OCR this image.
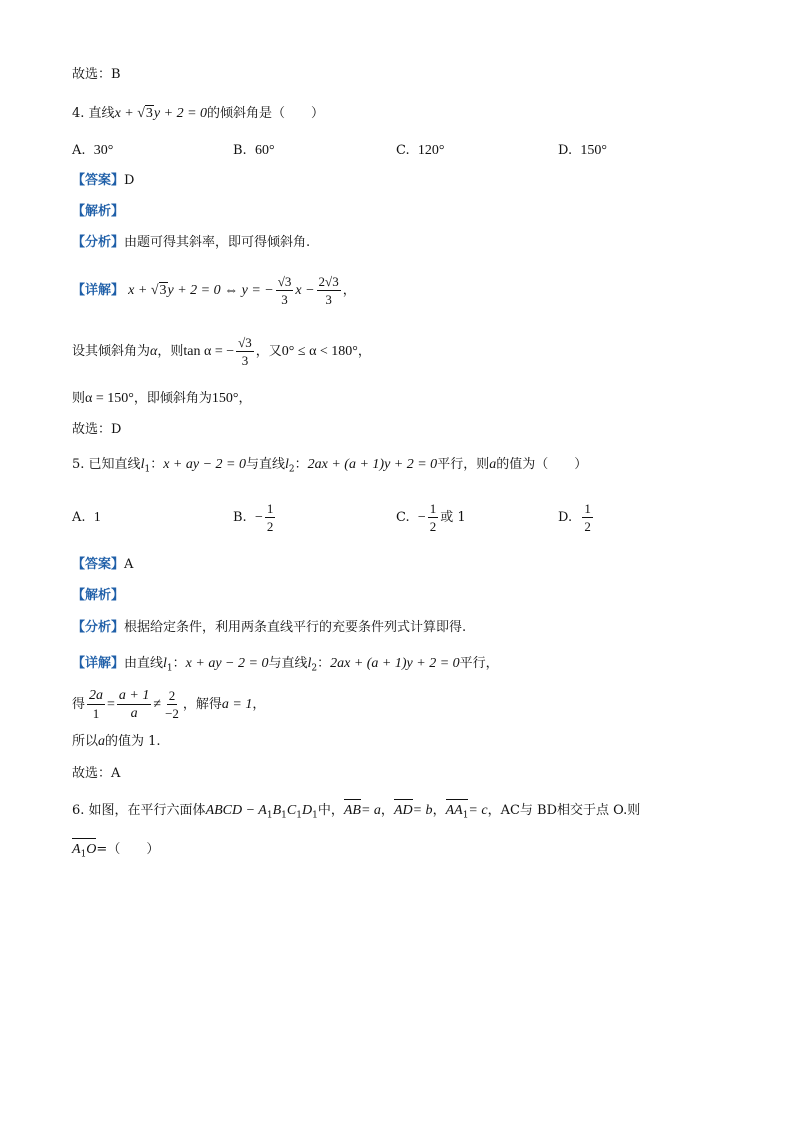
故选：B
4. 直线x + √3y + 2 = 0的倾斜角是（　　）
A. 30°	B. 60°	C. 120°	D. 150°
【答案】D
【解析】
【分析】由题可得其斜率，即可得倾斜角.
【详解】 x + √3y + 2 = 0 ⇔ y = − $\frac{√3}{3}$ $x - \frac{2√3}{3}$ ，
设其倾斜角为α，则tan α = − $\frac{√3}{3}$ ，又0° ≤ α < 180°，
则α = 150°，即倾斜角为150°，
故选：D
5. 已知直线$l_1$：x + ay − 2 = 0与直线$l_2$：2ax + (a + 1)y + 2 = 0平行，则a的值为（　　）
A. 1	B. − $\frac{1}{2}$	C. − $\frac{1}{2}$ 或 1	D. $\frac{1}{2}$
【答案】A
【解析】
【分析】根据给定条件，利用两条直线平行的充要条件列式计算即得.
【详解】由直线$l_1$：x + ay − 2 = 0与直线$l_2$：2ax + (a + 1)y + 2 = 0平行，
得 $\frac{2a}{1} = \frac{a + 1}{a} \ne \frac{2}{-2}$ ，解得a = 1，
所以a的值为 1.
故选：A
6. 如图，在平行六面体ABCD − $A_1B_1C_1D_1$中，AB= a，AD= b，$AA_1= c$，AC与 BD相交于点 O.则
$A_1O=$（　　）
